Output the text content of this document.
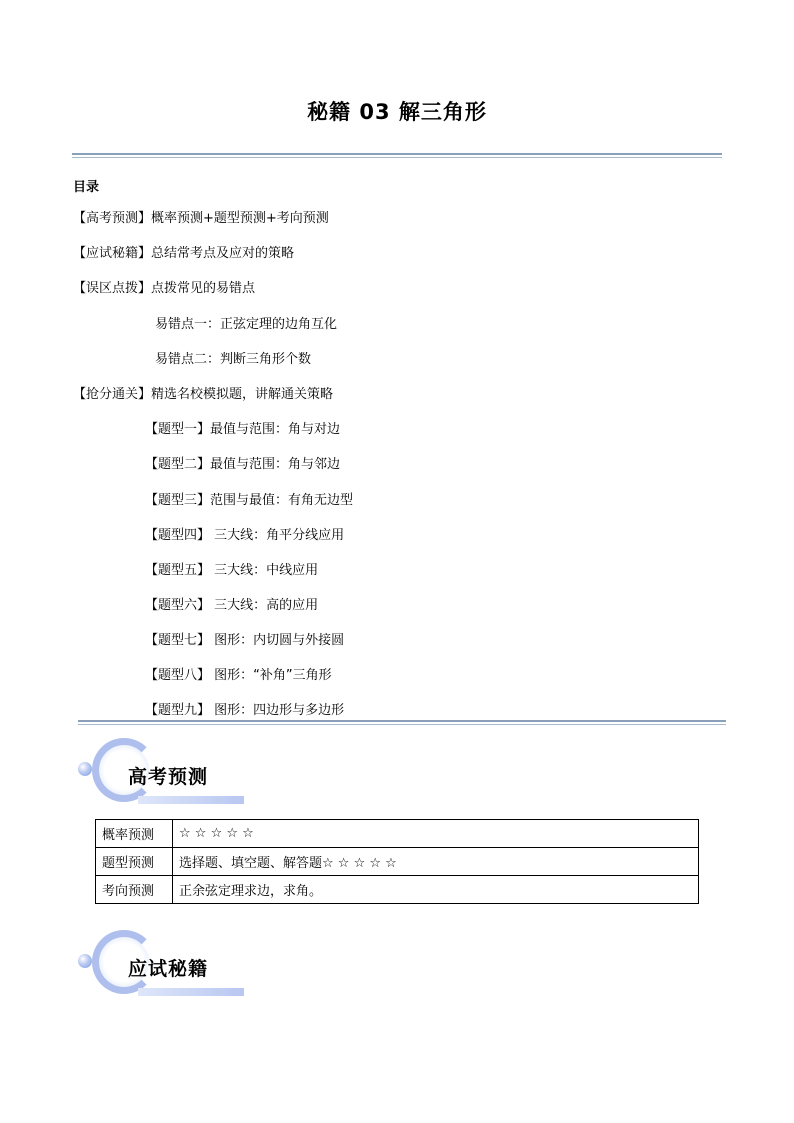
秘籍 03 解三角形
目录
【高考预测】概率预测+题型预测+考向预测
【应试秘籍】总结常考点及应对的策略
【误区点拨】点拨常见的易错点
易错点一：正弦定理的边角互化
易错点二：判断三角形个数
【抢分通关】精选名校模拟题，讲解通关策略
【题型一】最值与范围：角与对边
【题型二】最值与范围：角与邻边
【题型三】范围与最值：有角无边型
【题型四】 三大线：角平分线应用
【题型五】 三大线：中线应用
【题型六】 三大线：高的应用
【题型七】 图形：内切圆与外接圆
【题型八】 图形：“补角”三角形
【题型九】 图形：四边形与多边形
高考预测
概率预测	☆ ☆ ☆ ☆ ☆
题型预测	选择题、填空题、解答题☆ ☆ ☆ ☆ ☆
考向预测	正余弦定理求边，求角。
应试秘籍
